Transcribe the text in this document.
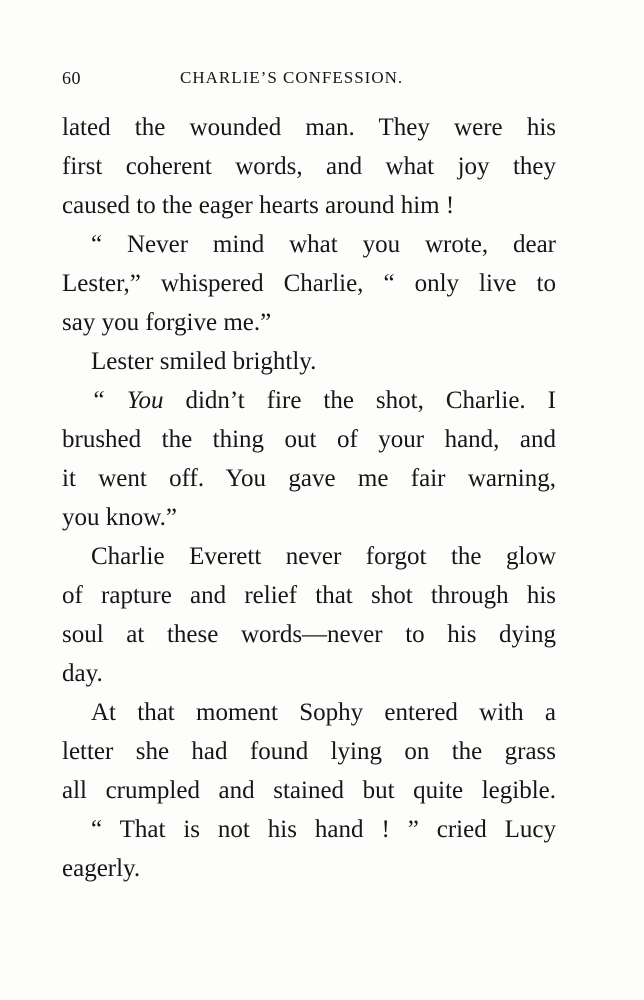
60	CHARLIE’S CONFESSION.
lated the wounded man. They were his
first coherent words, and what joy they
caused to the eager hearts around him !
“ Never mind what you wrote, dear
Lester,” whispered Charlie, “ only live to
say you forgive me.”
Lester smiled brightly.
“ You didn’t fire the shot, Charlie. I
brushed the thing out of your hand, and
it went off. You gave me fair warning,
you know.”
Charlie Everett never forgot the glow
of rapture and relief that shot through his
soul at these words—never to his dying
day.
At that moment Sophy entered with a
letter she had found lying on the grass
all crumpled and stained but quite legible.
“ That is not his hand ! ” cried Lucy
eagerly.
